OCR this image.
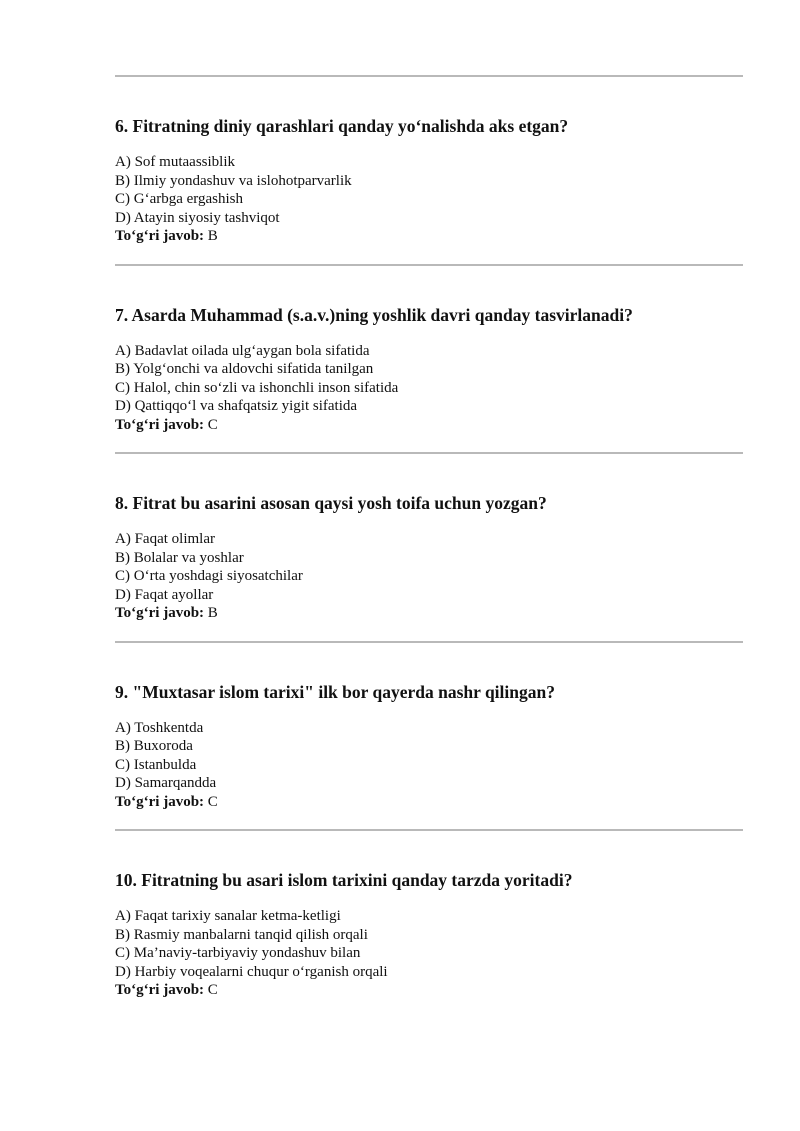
6. Fitratning diniy qarashlari qanday yo‘nalishda aks etgan?
A) Sof mutaassiblik
B) Ilmiy yondashuv va islohotparvarlik
C) G‘arbga ergashish
D) Atayin siyosiy tashviqot
To‘g‘ri javob: B
7. Asarda Muhammad (s.a.v.)ning yoshlik davri qanday tasvirlanadi?
A) Badavlat oilada ulg‘aygan bola sifatida
B) Yolg‘onchi va aldovchi sifatida tanilgan
C) Halol, chin so‘zli va ishonchli inson sifatida
D) Qattiqqo‘l va shafqatsiz yigit sifatida
To‘g‘ri javob: C
8. Fitrat bu asarini asosan qaysi yosh toifa uchun yozgan?
A) Faqat olimlar
B) Bolalar va yoshlar
C) O‘rta yoshdagi siyosatchilar
D) Faqat ayollar
To‘g‘ri javob: B
9. "Muxtasar islom tarixi" ilk bor qayerda nashr qilingan?
A) Toshkentda
B) Buxoroda
C) Istanbulda
D) Samarqandda
To‘g‘ri javob: C
10. Fitratning bu asari islom tarixini qanday tarzda yoritadi?
A) Faqat tarixiy sanalar ketma-ketligi
B) Rasmiy manbalarni tanqid qilish orqali
C) Ma’naviy-tarbiyaviy yondashuv bilan
D) Harbiy voqealarni chuqur o‘rganish orqali
To‘g‘ri javob: C
